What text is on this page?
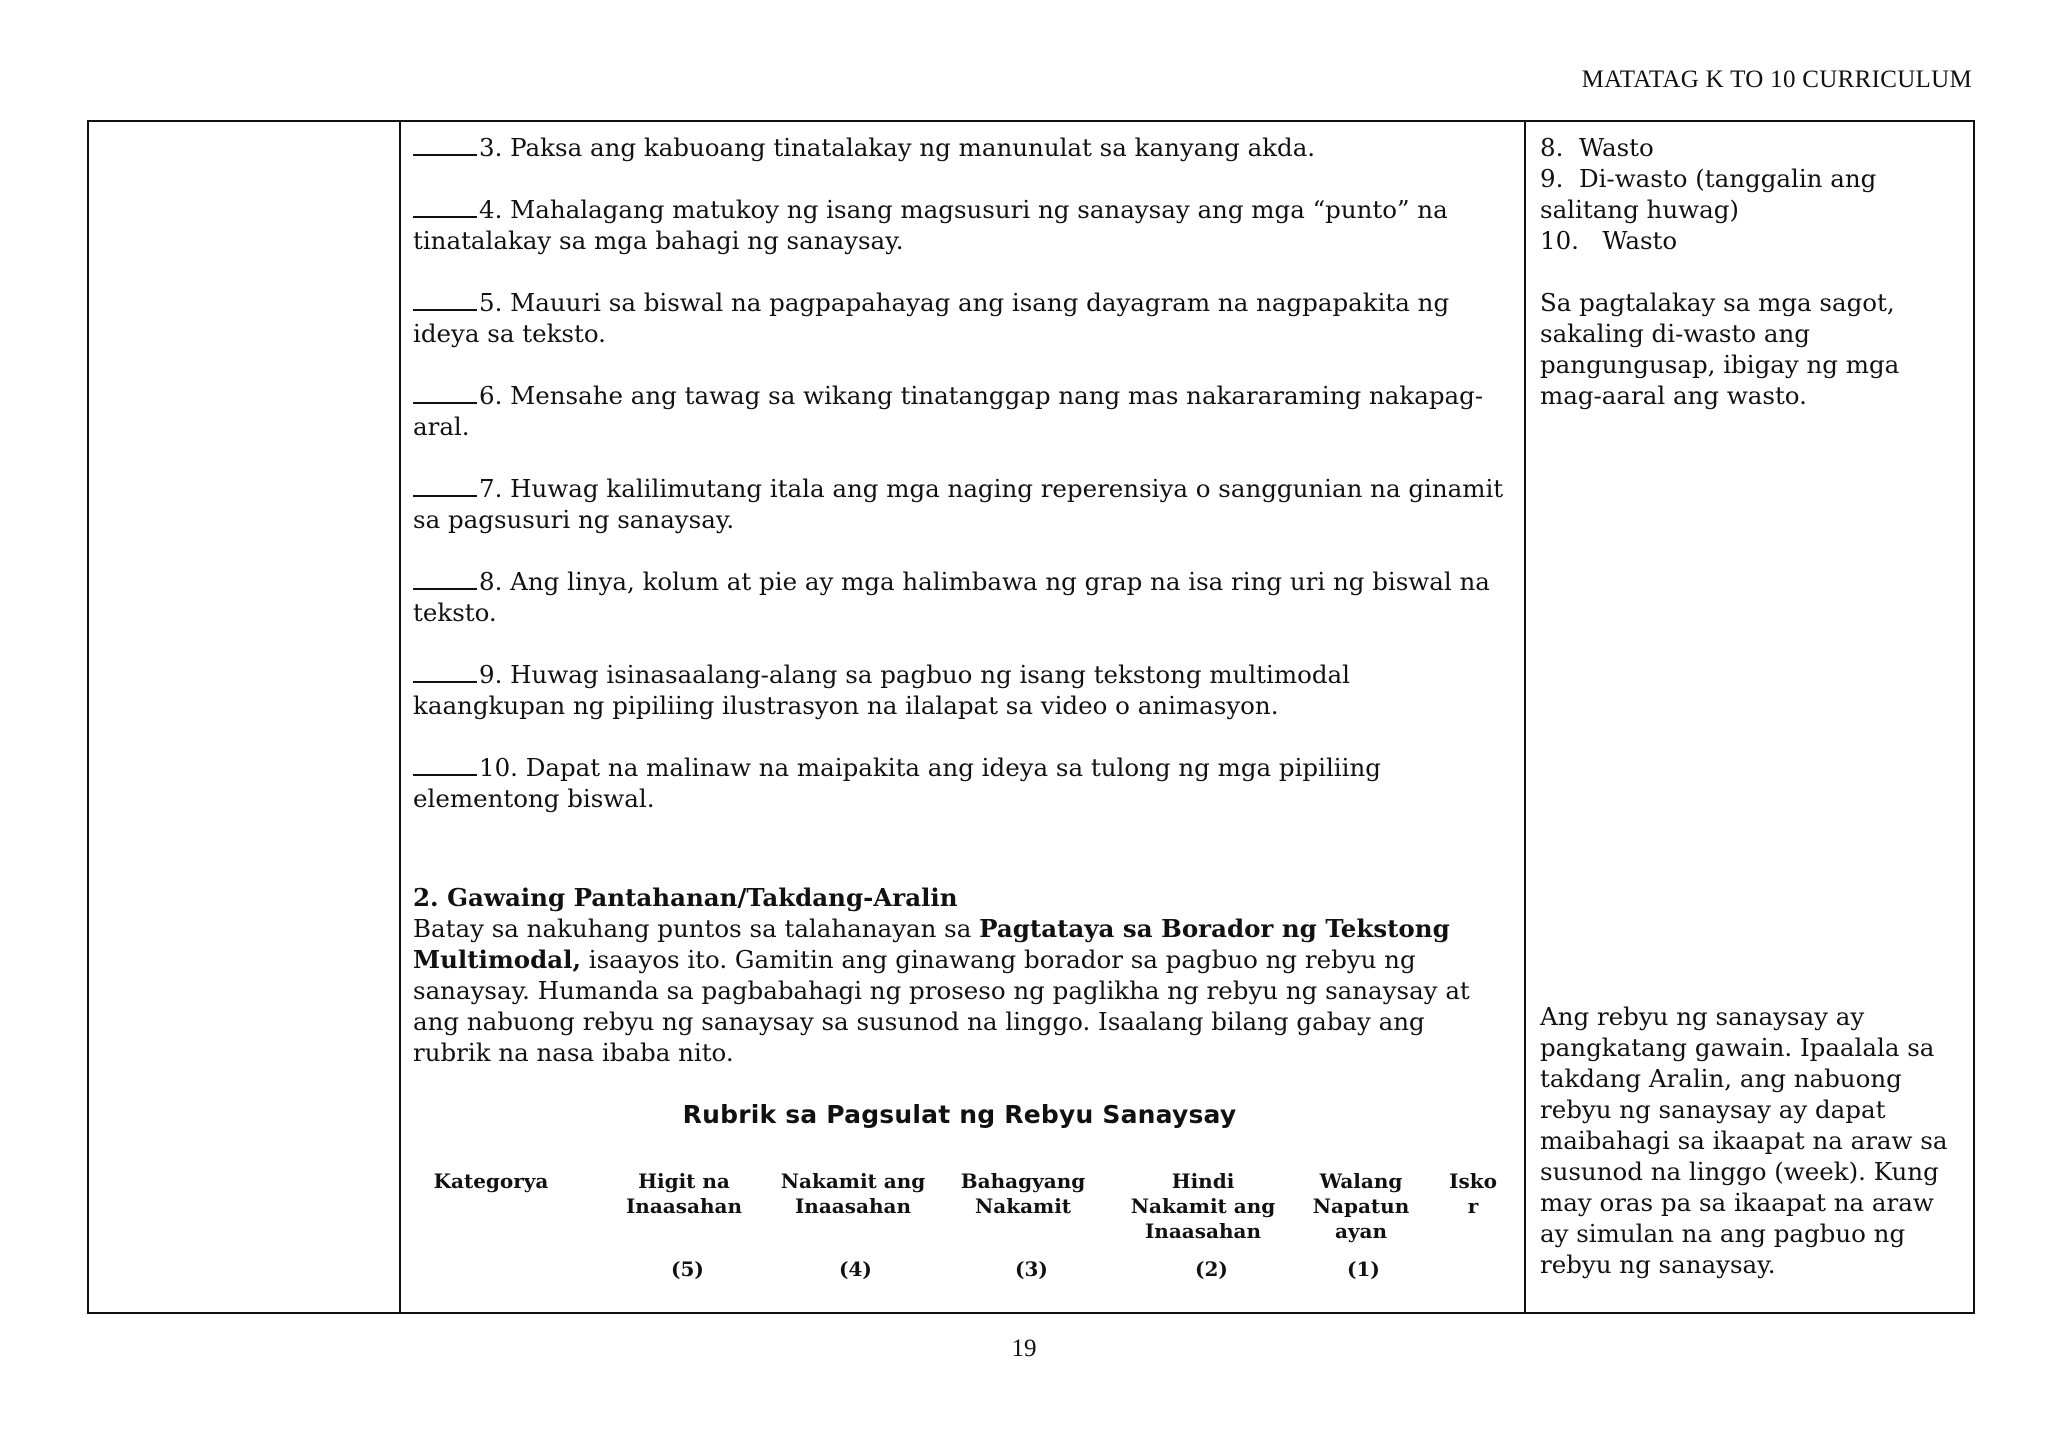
MATATAG K TO 10 CURRICULUM
3. Paksa ang kabuoang tinatalakay ng manunulat sa kanyang akda.
4. Mahalagang matukoy ng isang magsusuri ng sanaysay ang mga “punto” na tinatalakay sa mga bahagi ng sanaysay.
5. Mauuri sa biswal na pagpapahayag ang isang dayagram na nagpapakita ng ideya sa teksto.
6. Mensahe ang tawag sa wikang tinatanggap nang mas nakararaming nakapag-aral.
7. Huwag kalilimutang itala ang mga naging reperensiya o sanggunian na ginamit sa pagsusuri ng sanaysay.
8. Ang linya, kolum at pie ay mga halimbawa ng grap na isa ring uri ng biswal na teksto.
9. Huwag isinasaalang-alang sa pagbuo ng isang tekstong multimodal kaangkupan ng pipiliing ilustrasyon na ilalapat sa video o animasyon.
10. Dapat na malinaw na maipakita ang ideya sa tulong ng mga pipiliing elementong biswal.
2. Gawaing Pantahanan/Takdang-Aralin
Batay sa nakuhang puntos sa talahanayan sa Pagtataya sa Borador ng Tekstong Multimodal, isaayos ito. Gamitin ang ginawang borador sa pagbuo ng rebyu ng sanaysay. Humanda sa pagbabahagi ng proseso ng paglikha ng rebyu ng sanaysay at ang nabuong rebyu ng sanaysay sa susunod na linggo. Isaalang bilang gabay ang rubrik na nasa ibaba nito.
Rubrik sa Pagsulat ng Rebyu Sanaysay
Kategorya	Higit na
Inaasahan
(5)
Nakamit ang
Inaasahan
(4)
Bahagyang
Nakamit
(3)
Hindi
Nakamit ang
Inaasahan
(2)
Walang
Napatun
ayan
(1)
Isko
r
8.  Wasto
9.  Di-wasto (tanggalin ang
salitang huwag)
10.   Wasto
Sa pagtalakay sa mga sagot, sakaling di-wasto ang pangungusap, ibigay ng mga mag-aaral ang wasto.
Ang rebyu ng sanaysay ay pangkatang gawain. Ipaalala sa takdang Aralin, ang nabuong rebyu ng sanaysay ay dapat maibahagi sa ikaapat na araw sa susunod na linggo (week). Kung may oras pa sa ikaapat na araw ay simulan na ang pagbuo ng rebyu ng sanaysay.
19
